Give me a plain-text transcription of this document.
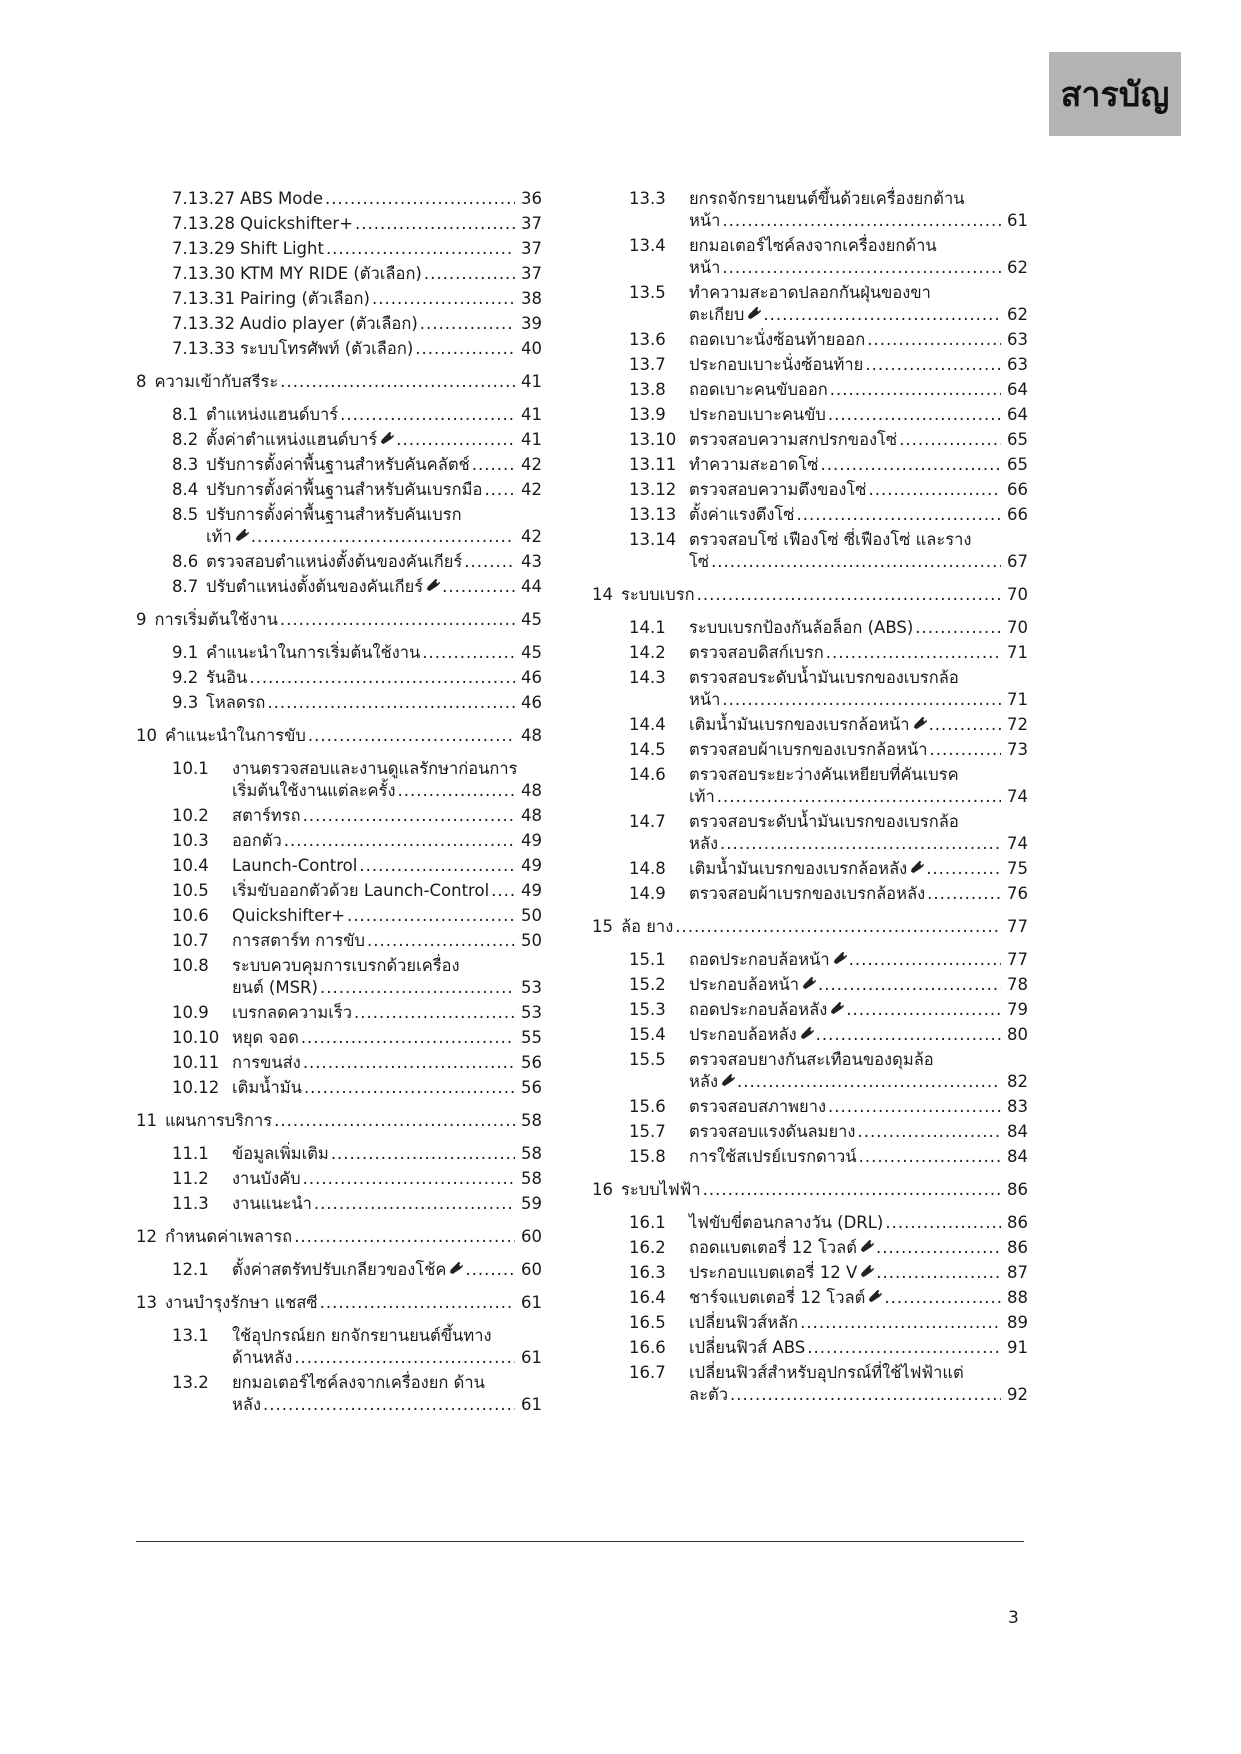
สารบัญ
7.13.27 ABS Mode .....	36
7.13.28 Quickshifter+ .....	37
7.13.29 Shift Light .....	37
7.13.30 KTM MY RIDE (ตัวเลือก) .....	37
7.13.31 Pairing (ตัวเลือก) .....	38
7.13.32 Audio player (ตัวเลือก) .....	39
7.13.33 ระบบโทรศัพท์ (ตัวเลือก) .....	40
8 ความเข้ากับสรีระ .....	41
8.1 ตำแหน่งแฮนด์บาร์ .....	41
8.2 ตั้งค่าตำแหน่งแฮนด์บาร์ .....	41
8.3 ปรับการตั้งค่าพื้นฐานสำหรับคันคลัตช์ .....	42
8.4 ปรับการตั้งค่าพื้นฐานสำหรับคันเบรกมือ ..... 42
8.5 ปรับการตั้งค่าพื้นฐานสำหรับคันเบรก
เท้า .....	42
8.6 ตรวจสอบตำแหน่งตั้งต้นของคันเกียร์ .....	43
8.7 ปรับตำแหน่งตั้งต้นของคันเกียร์ .....	44
9 การเริ่มต้นใช้งาน .....	45
9.1 คำแนะนำในการเริ่มต้นใช้งาน .....	45
9.2 รันอิน .....	46
9.3 โหลดรถ .....	46
10 คำแนะนำในการขับ .....	48
10.1 งานตรวจสอบและงานดูแลรักษาก่อนการ
เริ่มต้นใช้งานแต่ละครั้ง .....	48
10.2 สตาร์ทรถ .....	48
10.3 ออกตัว .....	49
10.4 Launch-Control .....	49
10.5 เริ่มขับออกตัวด้วย Launch-Control ..... 49
10.6 Quickshifter+ .....	50
10.7 การสตาร์ท การขับ .....	50
10.8 ระบบควบคุมการเบรกด้วยเครื่อง
ยนต์ (MSR) .....	53
10.9 เบรกลดความเร็ว .....	53
10.10 หยุด จอด .....	55
10.11 การขนส่ง .....	56
10.12 เติมน้ำมัน .....	56
11 แผนการบริการ .....	58
11.1 ข้อมูลเพิ่มเติม .....	58
11.2 งานบังคับ .....	58
11.3 งานแนะนำ .....	59
12 กำหนดค่าเพลารถ .....	60
12.1 ตั้งค่าสตรัทปรับเกลียวของโช้ค .....	60
13 งานบำรุงรักษา แชสซี .....	61
13.1 ใช้อุปกรณ์ยก ยกจักรยานยนต์ขึ้นทาง
ด้านหลัง .....	61
13.2 ยกมอเตอร์ไซค์ลงจากเครื่องยก ด้าน
หลัง .....	61
13.3 ยกรถจักรยานยนต์ขึ้นด้วยเครื่องยกด้าน
หน้า .....	61
13.4 ยกมอเตอร์ไซค์ลงจากเครื่องยกด้าน
หน้า .....	62
13.5 ทำความสะอาดปลอกกันฝุ่นของขา
ตะเกียบ .....	62
13.6 ถอดเบาะนั่งซ้อนท้ายออก .....	63
13.7 ประกอบเบาะนั่งซ้อนท้าย .....	63
13.8 ถอดเบาะคนขับออก .....	64
13.9 ประกอบเบาะคนขับ .....	64
13.10 ตรวจสอบความสกปรกของโซ่ .....	65
13.11 ทำความสะอาดโซ่ .....	65
13.12 ตรวจสอบความตึงของโซ่ .....	66
13.13 ตั้งค่าแรงตึงโซ่ .....	66
13.14 ตรวจสอบโซ่ เฟืองโซ่ ซี่เฟืองโซ่ และราง
โซ่ .....	67
14 ระบบเบรก .....	70
14.1 ระบบเบรกป้องกันล้อล็อก (ABS) .....	70
14.2 ตรวจสอบดิสก์เบรก .....	71
14.3 ตรวจสอบระดับน้ำมันเบรกของเบรกล้อ
หน้า .....	71
14.4 เติมน้ำมันเบรกของเบรกล้อหน้า .....	72
14.5 ตรวจสอบผ้าเบรกของเบรกล้อหน้า .....	73
14.6 ตรวจสอบระยะว่างคันเหยียบที่คันเบรค
เท้า .....	74
14.7 ตรวจสอบระดับน้ำมันเบรกของเบรกล้อ
หลัง .....	74
14.8 เติมน้ำมันเบรกของเบรกล้อหลัง .....	75
14.9 ตรวจสอบผ้าเบรกของเบรกล้อหลัง .....	76
15 ล้อ ยาง .....	77
15.1 ถอดประกอบล้อหน้า .....	77
15.2 ประกอบล้อหน้า .....	78
15.3 ถอดประกอบล้อหลัง .....	79
15.4 ประกอบล้อหลัง .....	80
15.5 ตรวจสอบยางกันสะเทือนของดุมล้อ
หลัง .....	82
15.6 ตรวจสอบสภาพยาง .....	83
15.7 ตรวจสอบแรงดันลมยาง .....	84
15.8 การใช้สเปรย์เบรกดาวน์ .....	84
16 ระบบไฟฟ้า .....	86
16.1 ไฟขับขี่ตอนกลางวัน (DRL) .....	86
16.2 ถอดแบตเตอรี่ 12 โวลต์ .....	86
16.3 ประกอบแบตเตอรี่ 12 V .....	87
16.4 ชาร์จแบตเตอรี่ 12 โวลต์ .....	88
16.5 เปลี่ยนฟิวส์หลัก .....	89
16.6 เปลี่ยนฟิวส์ ABS .....	91
16.7 เปลี่ยนฟิวส์สำหรับอุปกรณ์ที่ใช้ไฟฟ้าแต่
ละตัว .....	92
3
